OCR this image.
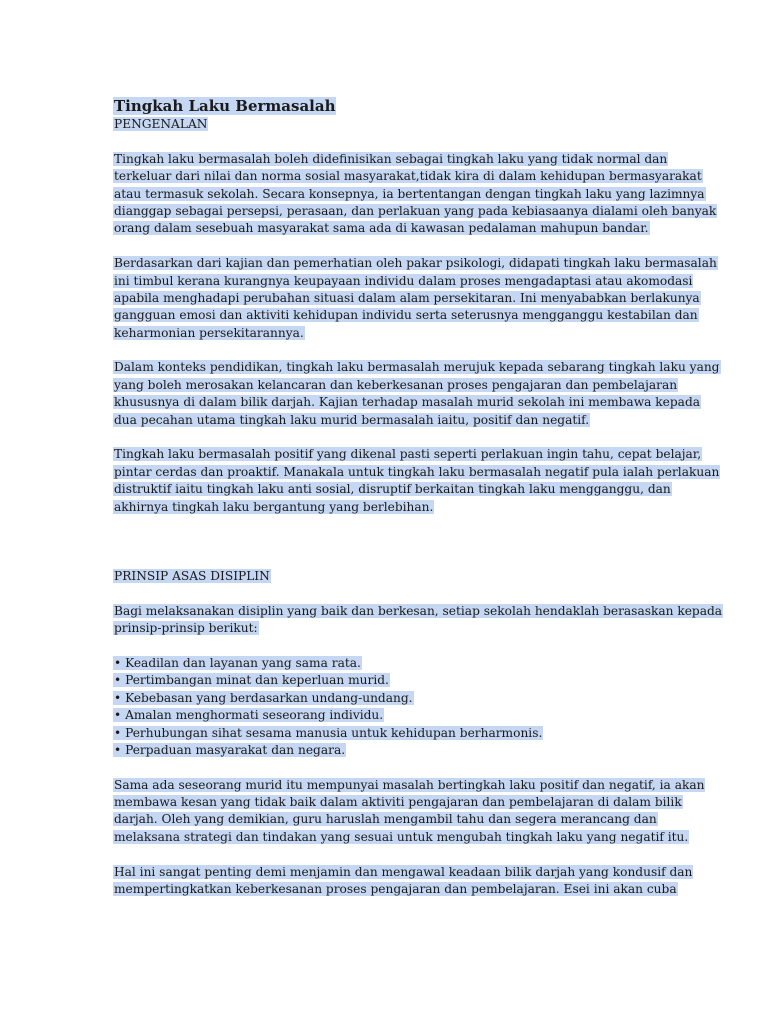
Tingkah Laku Bermasalah
PENGENALAN
Tingkah laku bermasalah boleh didefinisikan sebagai tingkah laku yang tidak normal dan
terkeluar dari nilai dan norma sosial masyarakat,tidak kira di dalam kehidupan bermasyarakat
atau termasuk sekolah. Secara konsepnya, ia bertentangan dengan tingkah laku yang lazimnya
dianggap sebagai persepsi, perasaan, dan perlakuan yang pada kebiasaanya dialami oleh banyak
orang dalam sesebuah masyarakat sama ada di kawasan pedalaman mahupun bandar.
Berdasarkan dari kajian dan pemerhatian oleh pakar psikologi, didapati tingkah laku bermasalah
ini timbul kerana kurangnya keupayaan individu dalam proses mengadaptasi atau akomodasi
apabila menghadapi perubahan situasi dalam alam persekitaran. Ini menyababkan berlakunya
gangguan emosi dan aktiviti kehidupan individu serta seterusnya mengganggu kestabilan dan
keharmonian persekitarannya.
Dalam konteks pendidikan, tingkah laku bermasalah merujuk kepada sebarang tingkah laku yang
yang boleh merosakan kelancaran dan keberkesanan proses pengajaran dan pembelajaran
khususnya di dalam bilik darjah. Kajian terhadap masalah murid sekolah ini membawa kepada
dua pecahan utama tingkah laku murid bermasalah iaitu, positif dan negatif.
Tingkah laku bermasalah positif yang dikenal pasti seperti perlakuan ingin tahu, cepat belajar,
pintar cerdas dan proaktif. Manakala untuk tingkah laku bermasalah negatif pula ialah perlakuan
distruktif iaitu tingkah laku anti sosial, disruptif berkaitan tingkah laku mengganggu, dan
akhirnya tingkah laku bergantung yang berlebihan.
PRINSIP ASAS DISIPLIN
Bagi melaksanakan disiplin yang baik dan berkesan, setiap sekolah hendaklah berasaskan kepada
prinsip-prinsip berikut:
• Keadilan dan layanan yang sama rata.
• Pertimbangan minat dan keperluan murid.
• Kebebasan yang berdasarkan undang-undang.
• Amalan menghormati seseorang individu.
• Perhubungan sihat sesama manusia untuk kehidupan berharmonis.
• Perpaduan masyarakat dan negara.
Sama ada seseorang murid itu mempunyai masalah bertingkah laku positif dan negatif, ia akan
membawa kesan yang tidak baik dalam aktiviti pengajaran dan pembelajaran di dalam bilik
darjah. Oleh yang demikian, guru haruslah mengambil tahu dan segera merancang dan
melaksana strategi dan tindakan yang sesuai untuk mengubah tingkah laku yang negatif itu.
Hal ini sangat penting demi menjamin dan mengawal keadaan bilik darjah yang kondusif dan
mempertingkatkan keberkesanan proses pengajaran dan pembelajaran. Esei ini akan cuba
